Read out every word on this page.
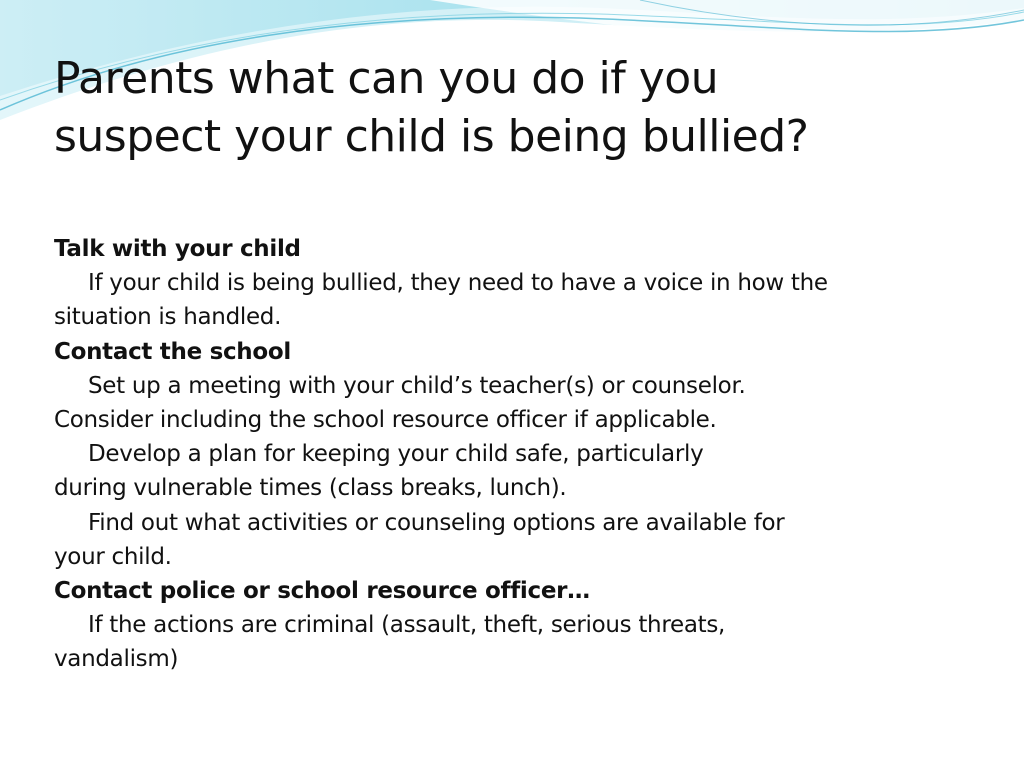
Parents what can you do if you
suspect your child is being bullied?
Talk with your child
If your child is being bullied, they need to have a voice in how the
situation is handled.
Contact the school
Set up a meeting with your child’s teacher(s) or counselor.
Consider including the school resource officer if applicable.
Develop a plan for keeping your child safe, particularly
during vulnerable times (class breaks, lunch).
Find out what activities or counseling options are available for
your child.
Contact police or school resource officer…
If the actions are criminal (assault, theft, serious threats,
vandalism)
